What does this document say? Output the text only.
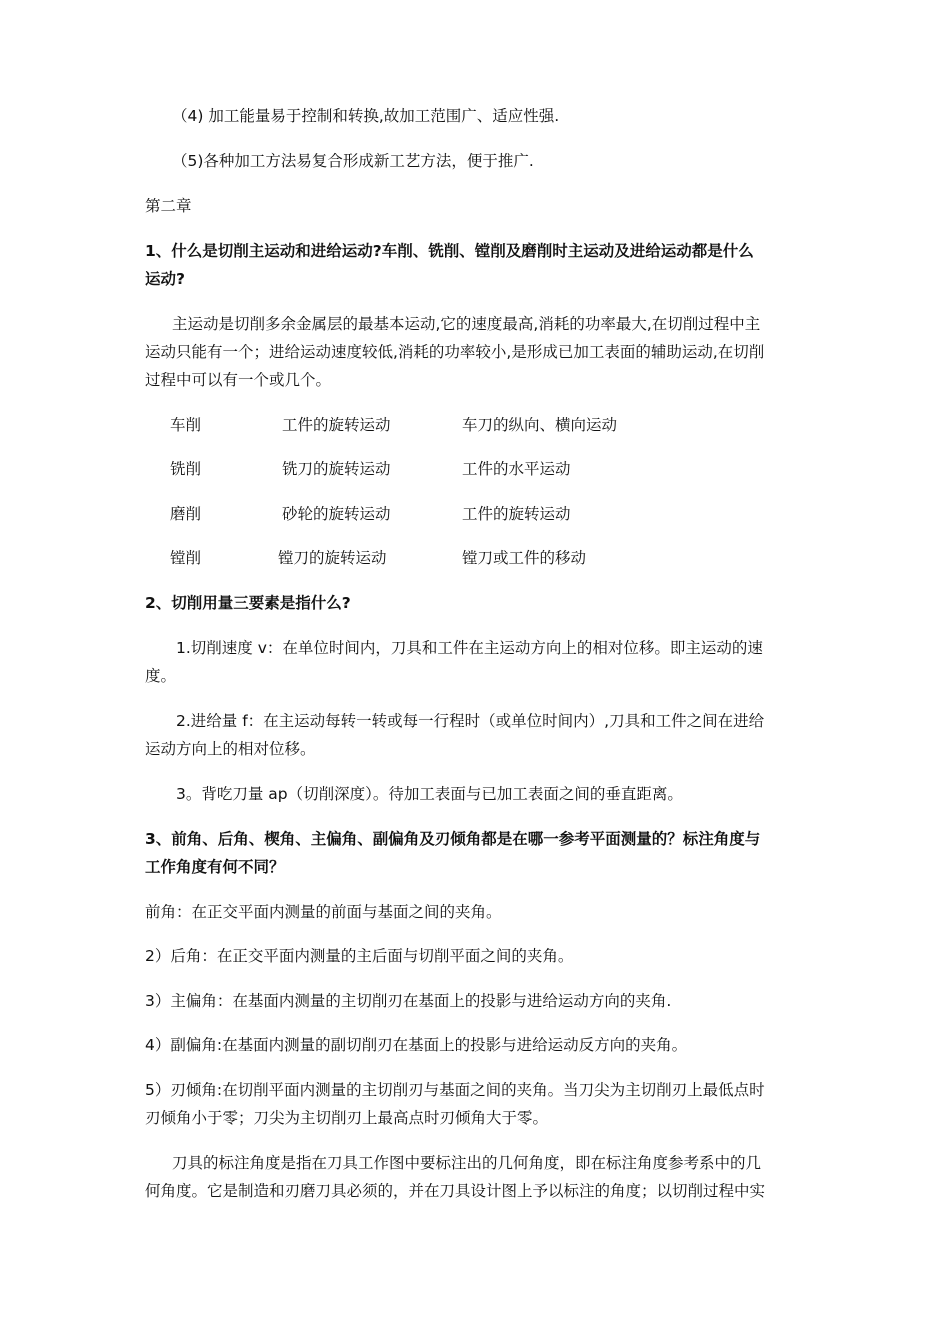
（4) 加工能量易于控制和转换,故加工范围广、适应性强.
（5)各种加工方法易复合形成新工艺方法，便于推广.
第二章
1、什么是切削主运动和进给运动?车削、铣削、镗削及磨削时主运动及进给运动都是什么
运动?
主运动是切削多余金属层的最基本运动,它的速度最高,消耗的功率最大,在切削过程中主
运动只能有一个；进给运动速度较低,消耗的功率较小,是形成已加工表面的辅助运动,在切削
过程中可以有一个或几个。
车削	工件的旋转运动	车刀的纵向、横向运动
铣削	铣刀的旋转运动	工件的水平运动
磨削	砂轮的旋转运动	工件的旋转运动
镗削	镗刀的旋转运动	镗刀或工件的移动
2、切削用量三要素是指什么?
1.切削速度 v：在单位时间内，刀具和工件在主运动方向上的相对位移。即主运动的速
度。
2.进给量 f：在主运动每转一转或每一行程时（或单位时间内）,刀具和工件之间在进给
运动方向上的相对位移。
3。背吃刀量 ap（切削深度）。待加工表面与已加工表面之间的垂直距离。
3、前角、后角、楔角、主偏角、副偏角及刃倾角都是在哪一参考平面测量的？标注角度与
工作角度有何不同？
前角：在正交平面内测量的前面与基面之间的夹角。
2）后角：在正交平面内测量的主后面与切削平面之间的夹角。
3）主偏角：在基面内测量的主切削刃在基面上的投影与进给运动方向的夹角.
4）副偏角:在基面内测量的副切削刃在基面上的投影与进给运动反方向的夹角。
5）刃倾角:在切削平面内测量的主切削刃与基面之间的夹角。当刀尖为主切削刃上最低点时
刃倾角小于零；刀尖为主切削刃上最高点时刃倾角大于零。
刀具的标注角度是指在刀具工作图中要标注出的几何角度，即在标注角度参考系中的几
何角度。它是制造和刃磨刀具必须的，并在刀具设计图上予以标注的角度；以切削过程中实
